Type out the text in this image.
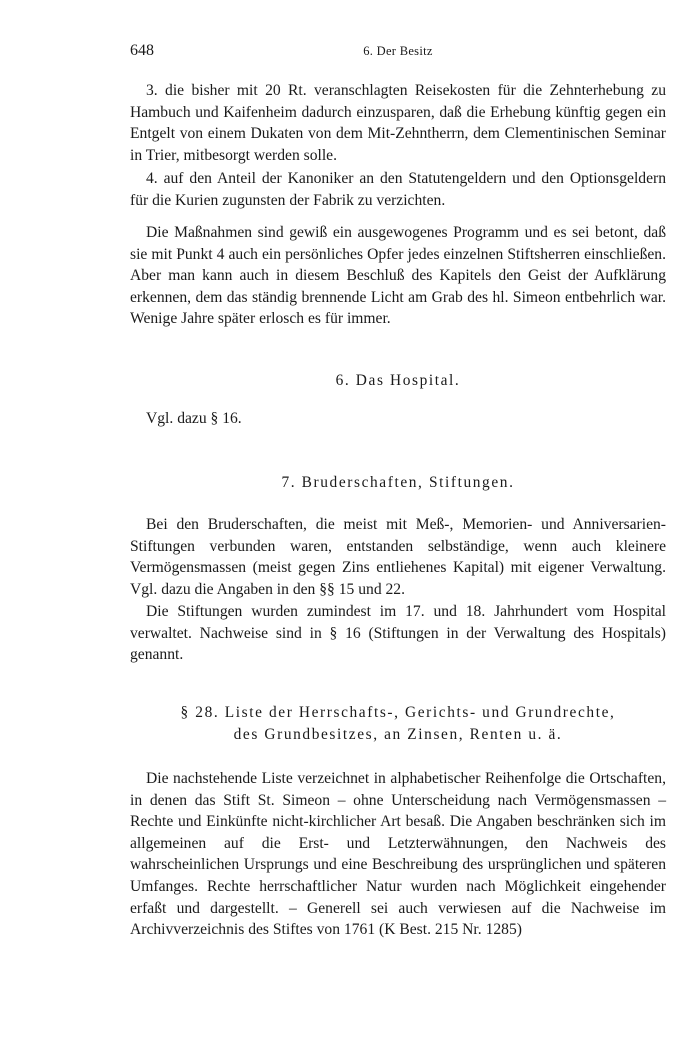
648	6. Der Besitz

3. die bisher mit 20 Rt. veranschlagten Reisekosten für die Zehnterhebung zu Hambuch und Kaifenheim dadurch einzusparen, daß die Erhebung künftig gegen ein Entgelt von einem Dukaten von dem Mit-Zehntherrn, dem Clementinischen Seminar in Trier, mitbesorgt werden solle.

4. auf den Anteil der Kanoniker an den Statutengeldern und den Optionsgeldern für die Kurien zugunsten der Fabrik zu verzichten.

Die Maßnahmen sind gewiß ein ausgewogenes Programm und es sei betont, daß sie mit Punkt 4 auch ein persönliches Opfer jedes einzelnen Stiftsherren einschließen. Aber man kann auch in diesem Beschluß des Kapitels den Geist der Aufklärung erkennen, dem das ständig brennende Licht am Grab des hl. Simeon entbehrlich war. Wenige Jahre später erlosch es für immer.

6. Das Hospital.

Vgl. dazu § 16.

7. Bruderschaften, Stiftungen.

Bei den Bruderschaften, die meist mit Meß-, Memorien- und Anniversarien-Stiftungen verbunden waren, entstanden selbständige, wenn auch kleinere Vermögensmassen (meist gegen Zins entliehenes Kapital) mit eigener Verwaltung. Vgl. dazu die Angaben in den §§ 15 und 22.

Die Stiftungen wurden zumindest im 17. und 18. Jahrhundert vom Hospital verwaltet. Nachweise sind in § 16 (Stiftungen in der Verwaltung des Hospitals) genannt.

§ 28. Liste der Herrschafts-, Gerichts- und Grundrechte,
des Grundbesitzes, an Zinsen, Renten u. ä.

Die nachstehende Liste verzeichnet in alphabetischer Reihenfolge die Ortschaften, in denen das Stift St. Simeon – ohne Unterscheidung nach Vermögensmassen – Rechte und Einkünfte nicht-kirchlicher Art besaß. Die Angaben beschränken sich im allgemeinen auf die Erst- und Letzterwähnungen, den Nachweis des wahrscheinlichen Ursprungs und eine Beschreibung des ursprünglichen und späteren Umfanges. Rechte herrschaftlicher Natur wurden nach Möglichkeit eingehender erfaßt und dargestellt. – Generell sei auch verwiesen auf die Nachweise im Archivverzeichnis des Stiftes von 1761 (K Best. 215 Nr. 1285)
